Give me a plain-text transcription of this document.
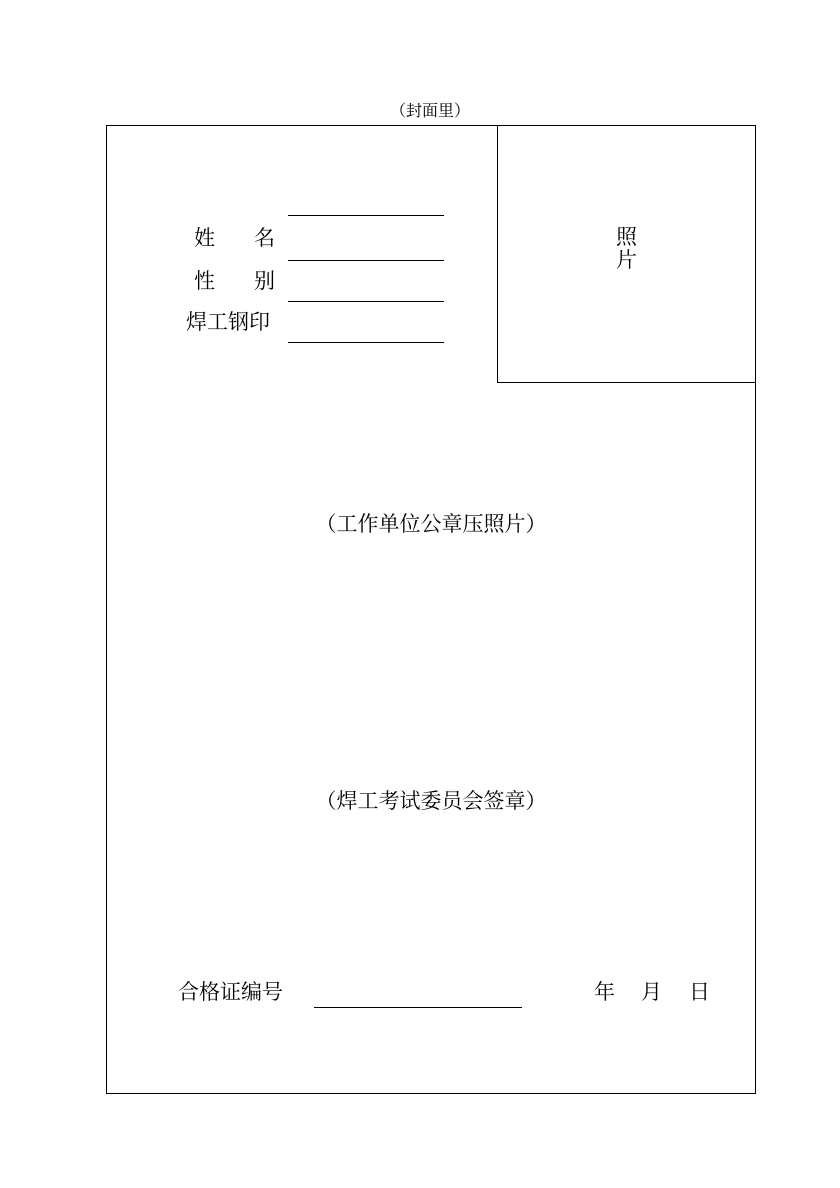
（封面里）
照
片
姓 名
性 别
焊工钢印
（工作单位公章压照片）
（焊工考试委员会签章）
合格证编号	年 月 日
